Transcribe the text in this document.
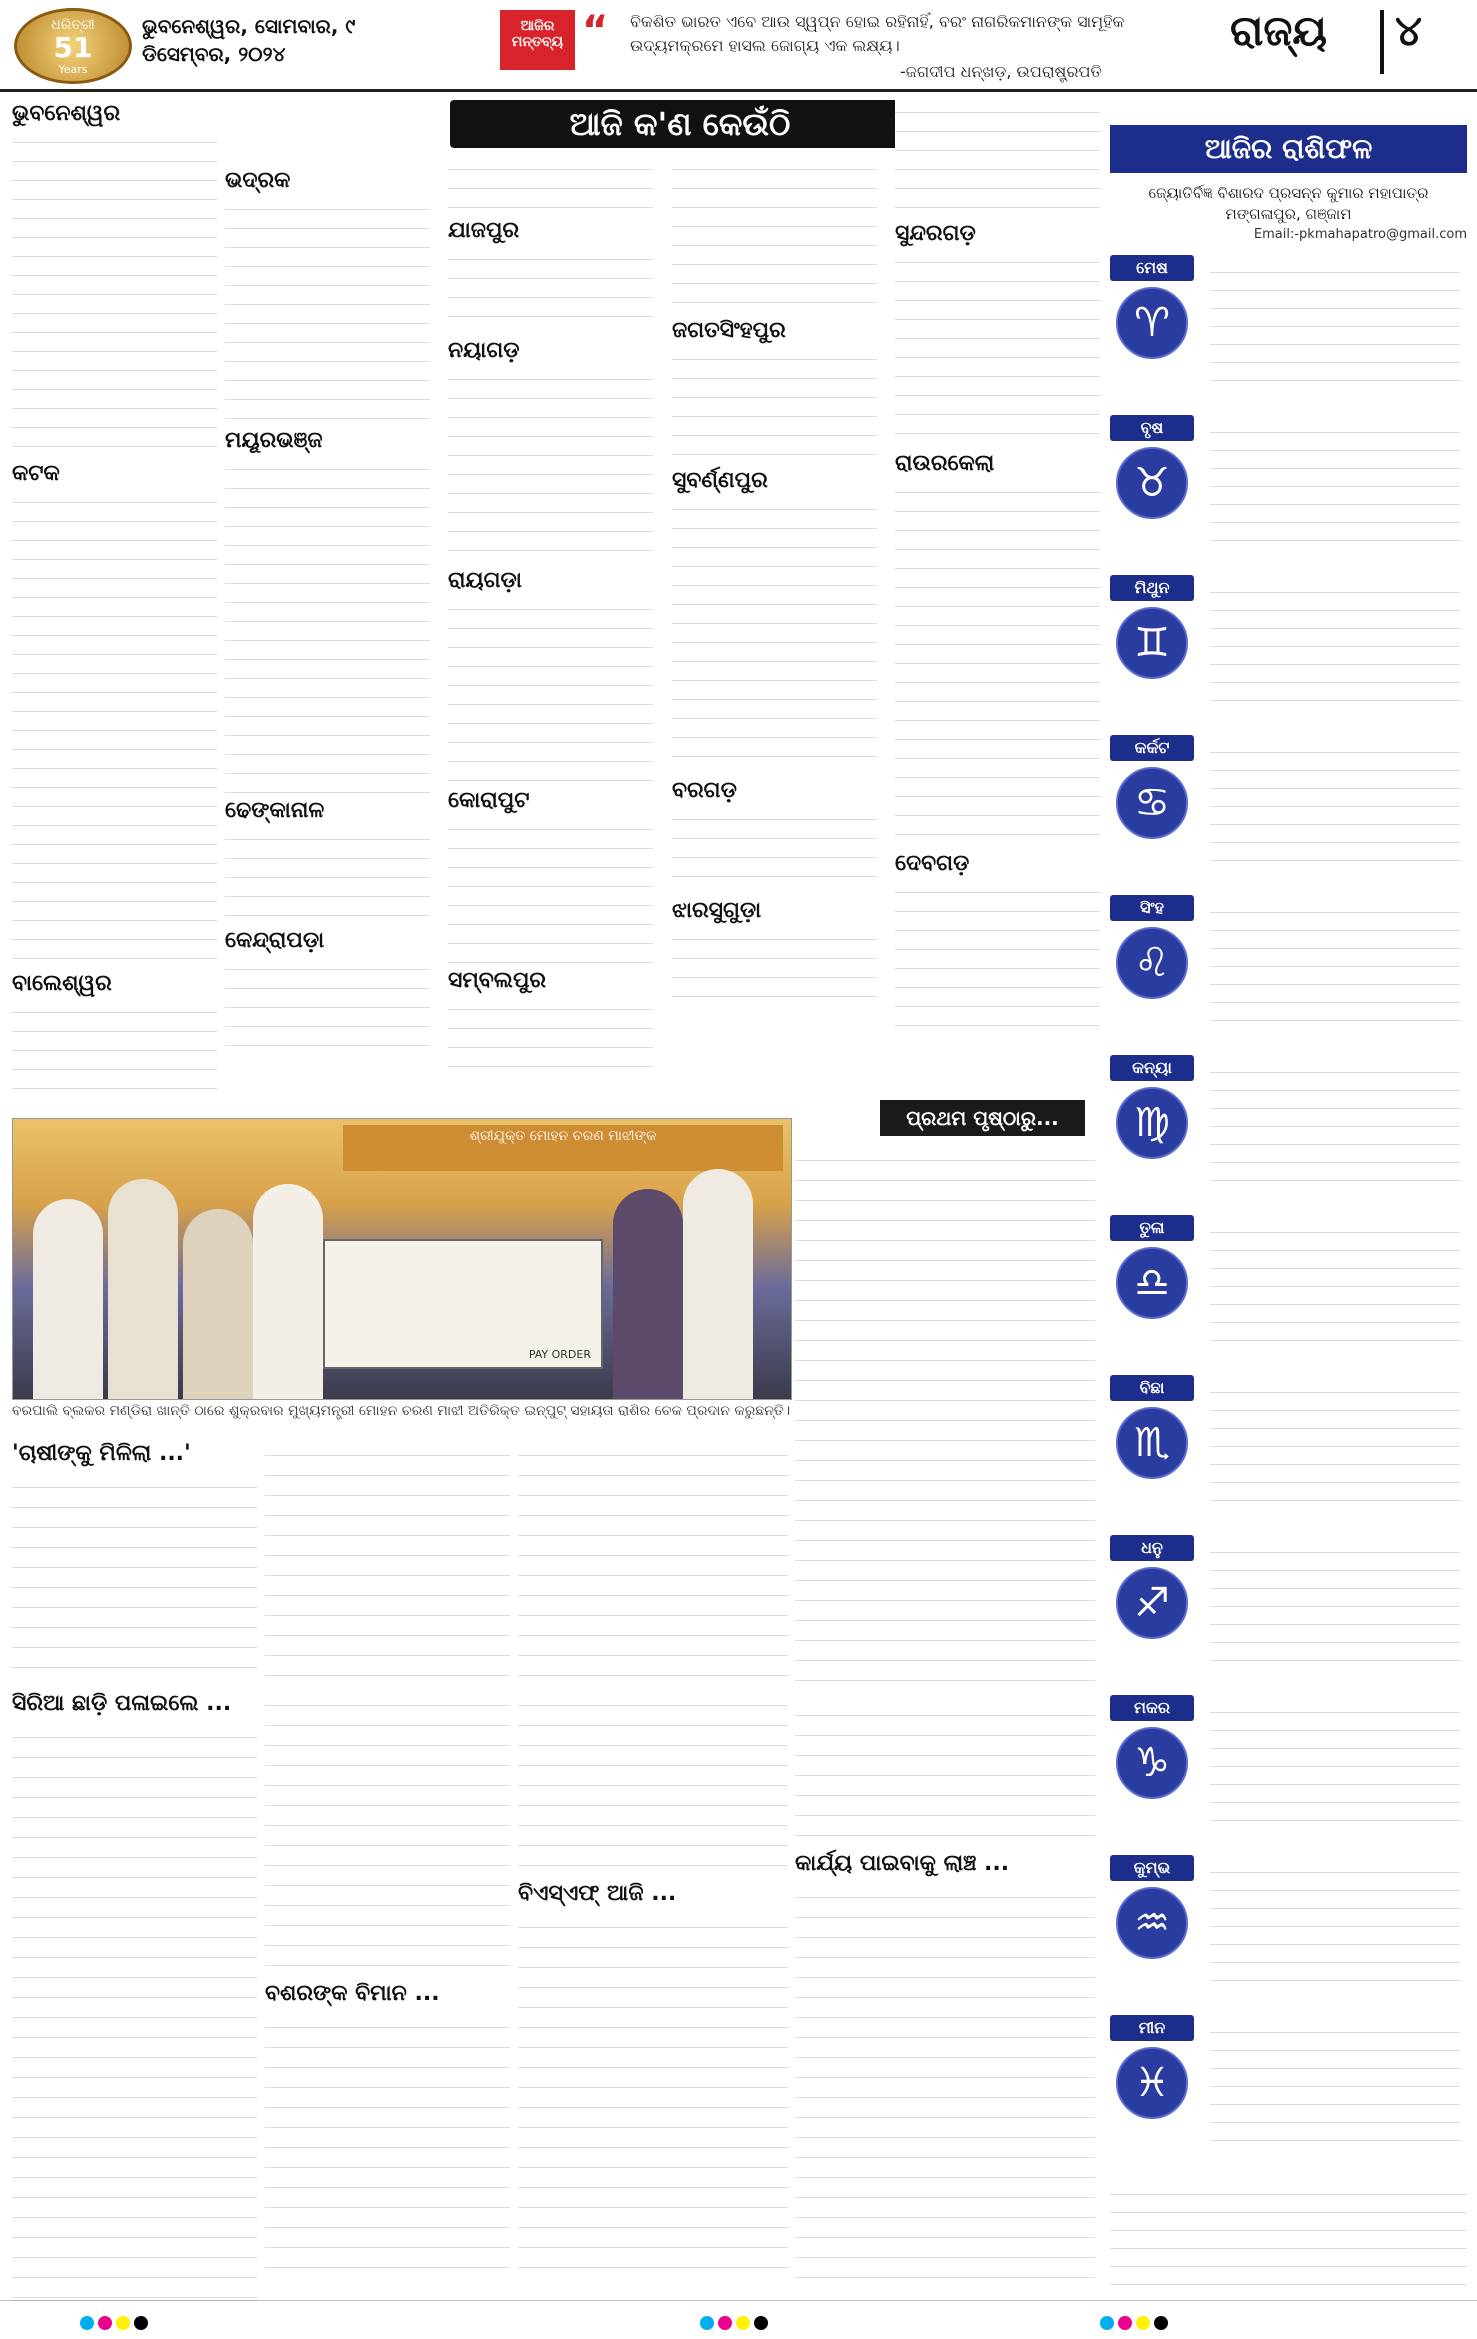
ଧରିତ୍ରୀ
51
Years
ଭୁବନେଶ୍ୱର, ସୋମବାର, ୯ ଡିସେମ୍ବର, ୨୦୨୪
ଆଜିର ମନ୍ତବ୍ୟ “ ବିକଶିତ ଭାରତ ଏବେ ଆଉ ସ୍ୱପ୍ନ ହୋଇ ରହିନାହିଁ, ବରଂ ନାଗରିକମାନଙ୍କ ସାମୂହିକ ଉଦ୍ୟମକ୍ରମେ ହାସଲ ଜୋଗ୍ୟ ଏକ ଲକ୍ଷ୍ୟ।
-ଜଗଦୀପ ଧନ୍ଖଡ଼, ଉପରାଷ୍ଟ୍ରପତି
ରାଜ୍ୟ ୪
ଆଜି କ'ଣ କେଉଁଠି
ଭୁବନେଶ୍ୱର
କଟକ
ବାଲେଶ୍ୱର
ଭଦ୍ରକ
ମୟୂରଭଞ୍ଜ
ଢେଙ୍କାନାଳ
କେନ୍ଦ୍ରାପଡ଼ା
ଯାଜପୁର
ନୟାଗଡ଼
ରାୟଗଡ଼ା
କୋରାପୁଟ
ସମ୍ବଲପୁର
ଜଗତସିଂହପୁର
ସୁବର୍ଣ୍ଣପୁର
ବରଗଡ଼
ଝାରସୁଗୁଡ଼ା
ସୁନ୍ଦରଗଡ଼
ରାଉରକେଲା
ଦେବଗଡ଼
ଶ୍ରୀଯୁକ୍ତ ମୋହନ ଚରଣ ମାଝୀଙ୍କ
PAY ORDER
ବରପାଲି ବ୍ଲକର ମଣ୍ଡିରା ଖାନ୍ତି ଠାରେ ଶୁକ୍ରବାର ମୁଖ୍ୟମନ୍ତ୍ରୀ ମୋହନ ଚରଣ ମାଝୀ ଅତିରିକ୍ତ ଇନ୍ପୁଟ୍ ସହାୟତା ରାଶିର ଚେକ ପ୍ରଦାନ କରୁଛନ୍ତି।
ପ୍ରଥମ ପୃଷ୍ଠାରୁ...
'ଚାଷୀଙ୍କୁ ମିଳିଲା ...'
ସିରିଆ ଛାଡ଼ି ପଳାଇଲେ ...
ବଶରଙ୍କ ବିମାନ ...
ବିଏସ୍ଏଫ୍ ଆଜି ...
କାର୍ଯ୍ୟ ପାଇବାକୁ ଲାଞ୍ଚ ...
ଆଜିର ରାଶିଫଳ
ଜ୍ୟୋତିର୍ବିଜ୍ଞ ବିଶାରଦ ପ୍ରସନ୍ନ କୁମାର ମହାପାତ୍ର ମଙ୍ଗଳାପୁର, ଗଞ୍ଜାମ
Email:-pkmahapatro@gmail.com
ମେଷ
♈
ବୃଷ
♉
ମିଥୁନ
♊
କର୍କଟ
♋
ସିଂହ
♌
କନ୍ୟା
♍
ତୁଳା
♎
ବିଛା
♏
ଧନୁ
♐
ମକର
♑
କୁମ୍ଭ
♒
ମୀନ
♓
